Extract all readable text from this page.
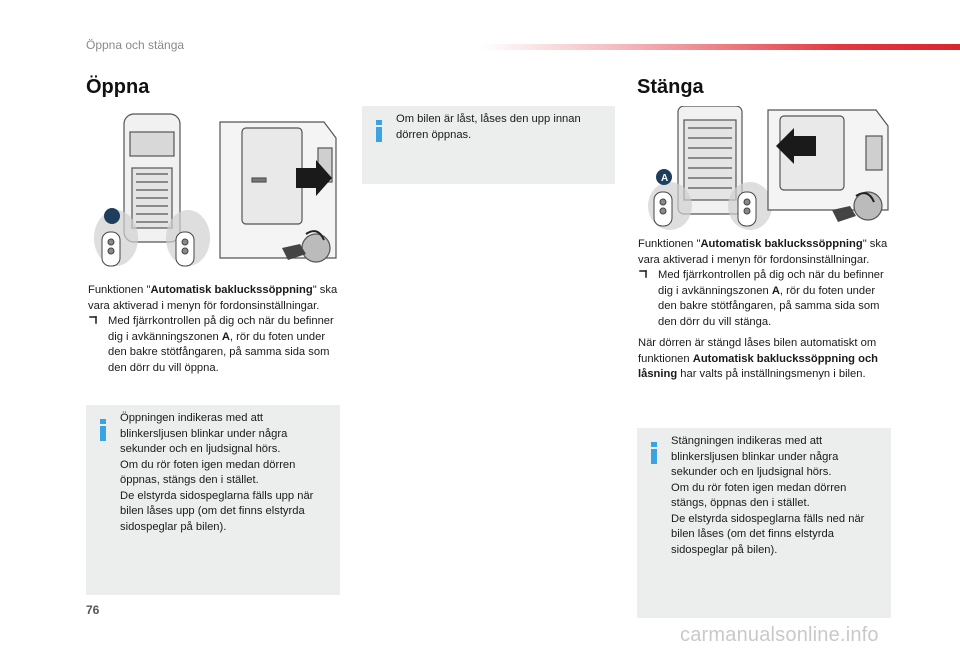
Öppna och stänga
Öppna
A

Funktionen "Automatisk bakluckssöppning" ska vara aktiverad i menyn för fordonsinställningar.

Med fjärrkontrollen på dig och när du befinner dig i avkänningszonen A, rör du foten under den bakre stötfångaren, på samma sida som den dörr du vill öppna.

Öppningen indikeras med att blinkersljusen blinkar under några sekunder och en ljudsignal hörs.

Om du rör foten igen medan dörren öppnas, stängs den i stället.

De elstyrda sidospeglarna fälls upp när bilen låses upp (om det finns elstyrda sidospeglar på bilen).

Om bilen är låst, låses den upp innan dörren öppnas.
Stänga
A

Funktionen "Automatisk bakluckssöppning" ska vara aktiverad i menyn för fordonsinställningar.

Med fjärrkontrollen på dig och när du befinner dig i avkänningszonen A, rör du foten under den bakre stötfångaren, på samma sida som den dörr du vill stänga.

När dörren är stängd låses bilen automatiskt om funktionen Automatisk bakluckssöppning och låsning har valts på inställningsmenyn i bilen.

Stängningen indikeras med att blinkersljusen blinkar under några sekunder och en ljudsignal hörs.

Om du rör foten igen medan dörren stängs, öppnas den i stället.

De elstyrda sidospeglarna fälls ned när bilen låses (om det finns elstyrda sidospeglar på bilen).

76
carmanualsonline.info
